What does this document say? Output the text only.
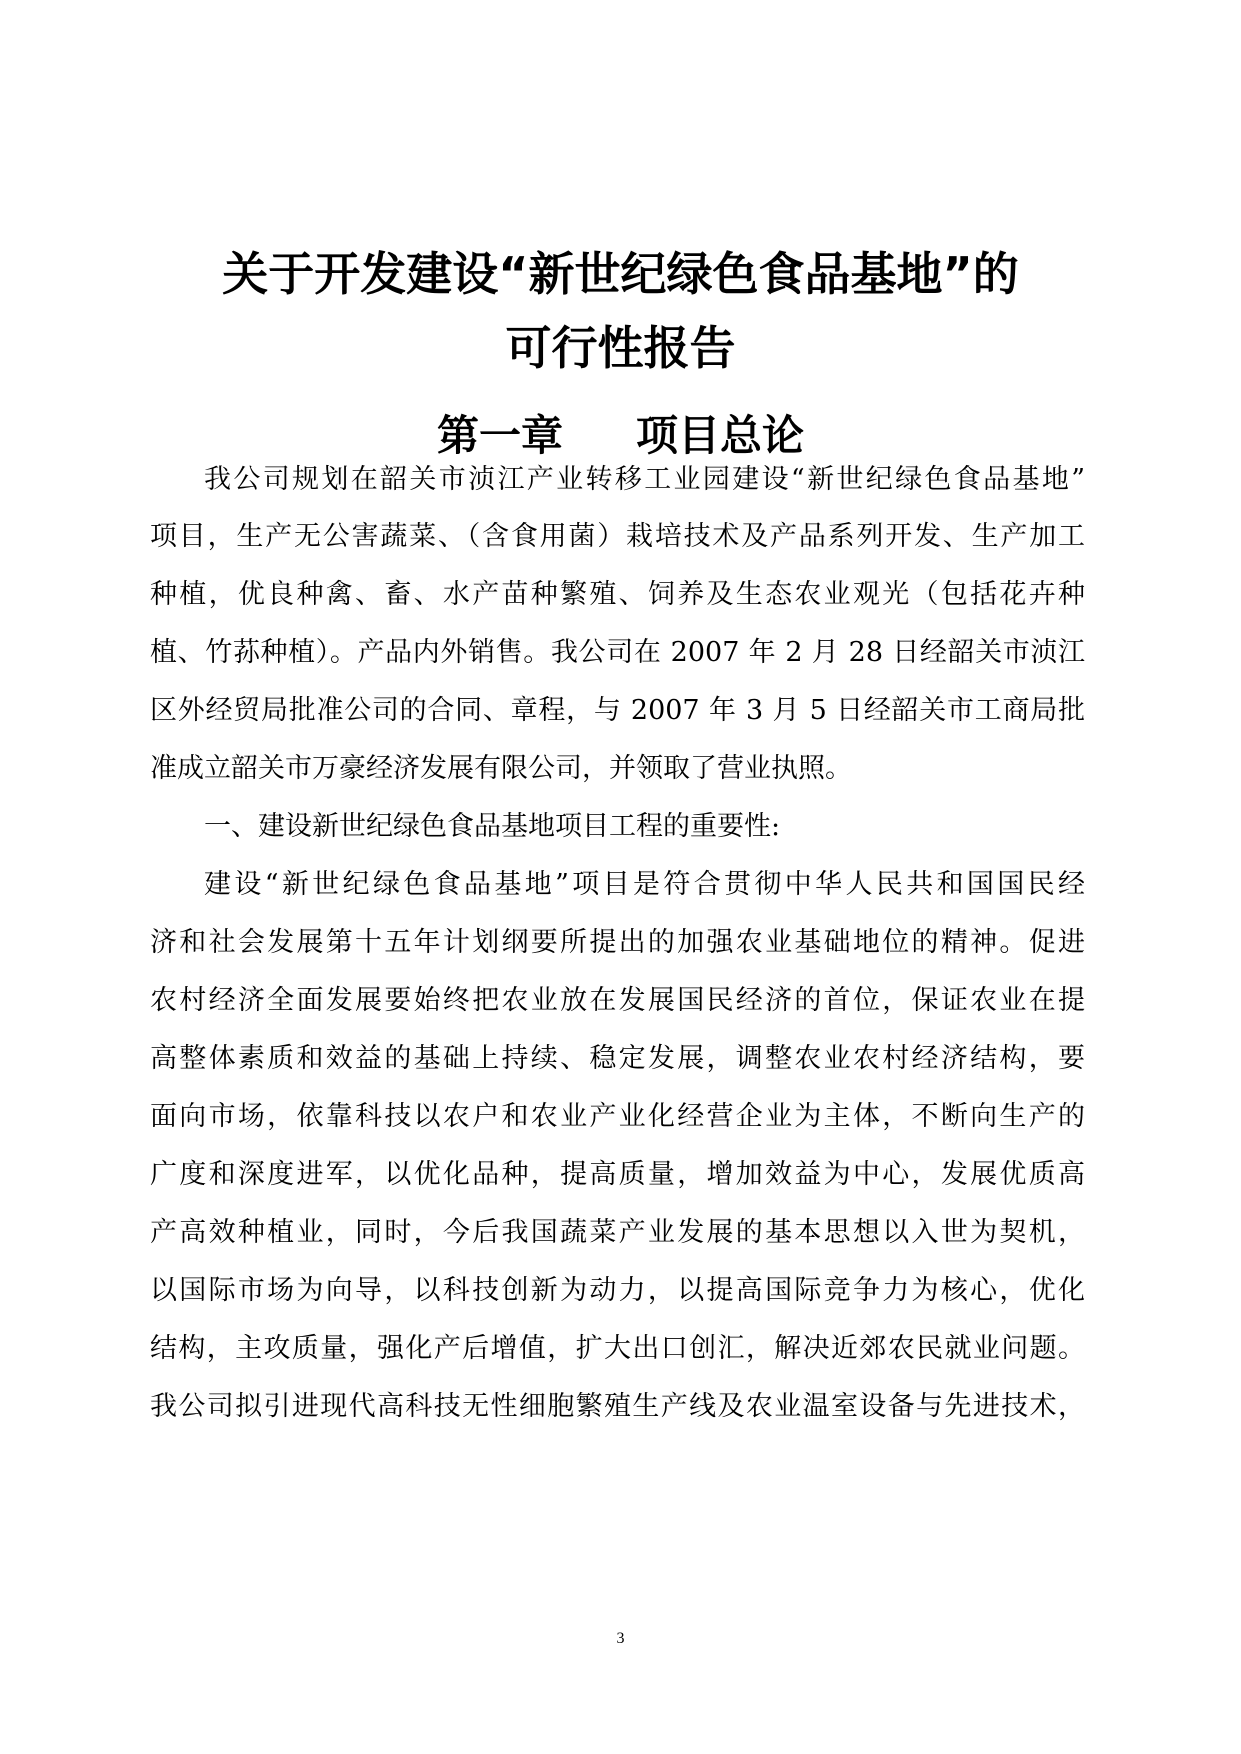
关于开发建设“新世纪绿色食品基地”的
可行性报告
第一章     项目总论
我公司规划在韶关市浈江产业转移工业园建设“新世纪绿色食品基地”
项目，生产无公害蔬菜、（含食用菌）栽培技术及产品系列开发、生产加工
种植，优良种禽、畜、水产苗种繁殖、饲养及生态农业观光（包括花卉种
植、竹荪种植）。产品内外销售。我公司在 2007 年 2 月 28 日经韶关市浈江
区外经贸局批准公司的合同、章程，与 2007 年 3 月 5 日经韶关市工商局批
准成立韶关市万豪经济发展有限公司，并领取了营业执照。
一、建设新世纪绿色食品基地项目工程的重要性:
建设“新世纪绿色食品基地”项目是符合贯彻中华人民共和国国民经
济和社会发展第十五年计划纲要所提出的加强农业基础地位的精神。促进
农村经济全面发展要始终把农业放在发展国民经济的首位，保证农业在提
高整体素质和效益的基础上持续、稳定发展，调整农业农村经济结构，要
面向市场，依靠科技以农户和农业产业化经营企业为主体，不断向生产的
广度和深度进军，以优化品种，提高质量，增加效益为中心，发展优质高
产高效种植业，同时，今后我国蔬菜产业发展的基本思想以入世为契机，
以国际市场为向导，以科技创新为动力，以提高国际竞争力为核心，优化
结构，主攻质量，强化产后增值，扩大出口创汇，解决近郊农民就业问题。
我公司拟引进现代高科技无性细胞繁殖生产线及农业温室设备与先进技术，
3
